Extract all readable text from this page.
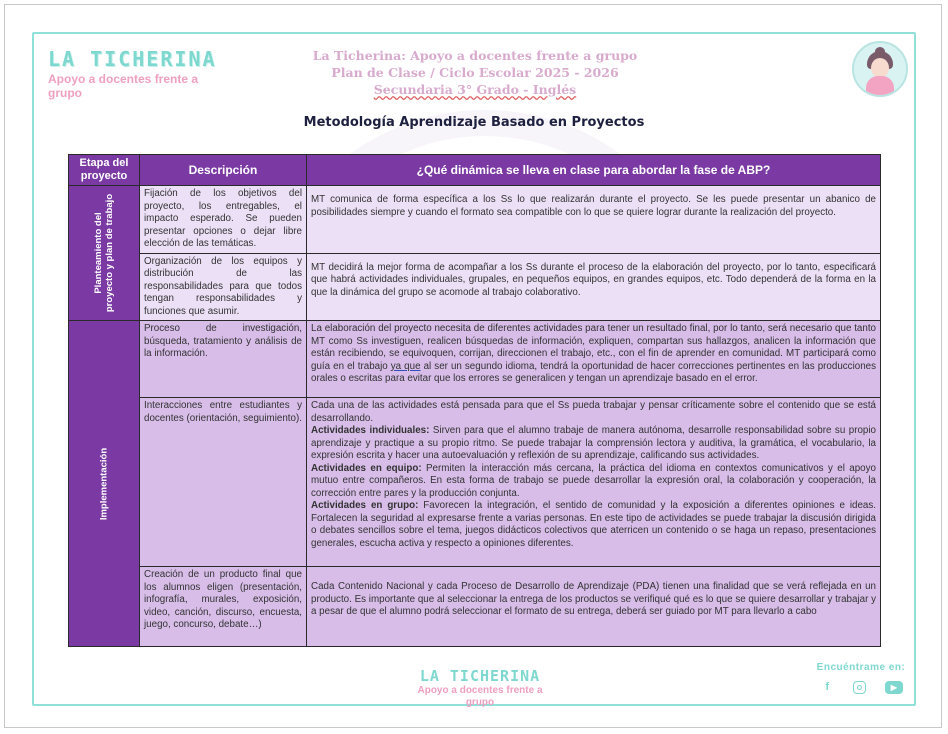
LA TICHERINA
Apoyo a docentes frente a grupo
La Ticherina: Apoyo a docentes frente a grupo
Plan de Clase / Ciclo Escolar 2025 - 2026
Secundaria 3° Grado - Inglés
Metodología Aprendizaje Basado en Proyectos
Etapa del proyecto	Descripción	¿Qué dinámica se lleva en clase para abordar la fase de ABP?

Planteamiento del proyecto y plan de trabajo	Fijación de los objetivos del proyecto, los entregables, el impacto esperado. Se pueden presentar opciones o dejar libre elección de las temáticas.	MT comunica de forma específica a los Ss lo que realizarán durante el proyecto. Se les puede presentar un abanico de posibilidades siempre y cuando el formato sea compatible con lo que se quiere lograr durante la realización del proyecto.
	Organización de los equipos y distribución de las responsabilidades para que todos tengan responsabilidades y funciones que asumir.	MT decidirá la mejor forma de acompañar a los Ss durante el proceso de la elaboración del proyecto, por lo tanto, especificará que habrá actividades individuales, grupales, en pequeños equipos, en grandes equipos, etc. Todo dependerá de la forma en la que la dinámica del grupo se acomode al trabajo colaborativo.

Implementación	Proceso de investigación, búsqueda, tratamiento y análisis de la información.	La elaboración del proyecto necesita de diferentes actividades para tener un resultado final, por lo tanto, será necesario que tanto MT como Ss investiguen, realicen búsquedas de información, expliquen, compartan sus hallazgos, analicen la información que están recibiendo, se equivoquen, corrijan, direccionen el trabajo, etc., con el fin de aprender en comunidad. MT participará como guía en el trabajo ya que al ser un segundo idioma, tendrá la oportunidad de hacer correcciones pertinentes en las producciones orales o escritas para evitar que los errores se generalicen y tengan un aprendizaje basado en el error.
	Interacciones entre estudiantes y docentes (orientación, seguimiento).	Cada una de las actividades está pensada para que el Ss pueda trabajar y pensar críticamente sobre el contenido que se está desarrollando.
Actividades individuales: Sirven para que el alumno trabaje de manera autónoma, desarrolle responsabilidad sobre su propio aprendizaje y practique a su propio ritmo. Se puede trabajar la comprensión lectora y auditiva, la gramática, el vocabulario, la expresión escrita y hacer una autoevaluación y reflexión de su aprendizaje, calificando sus actividades.
Actividades en equipo: Permiten la interacción más cercana, la práctica del idioma en contextos comunicativos y el apoyo mutuo entre compañeros. En esta forma de trabajo se puede desarrollar la expresión oral, la colaboración y cooperación, la corrección entre pares y la producción conjunta.
Actividades en grupo: Favorecen la integración, el sentido de comunidad y la exposición a diferentes opiniones e ideas. Fortalecen la seguridad al expresarse frente a varias personas. En este tipo de actividades se puede trabajar la discusión dirigida o debates sencillos sobre el tema, juegos didácticos colectivos que aterricen un contenido o se haga un repaso, presentaciones generales, escucha activa y respecto a opiniones diferentes.

	Creación de un producto final que los alumnos eligen (presentación, infografía, murales, exposición, video, canción, discurso, encuesta, juego, concurso, debate…)	Cada Contenido Nacional y cada Proceso de Desarrollo de Aprendizaje (PDA) tienen una finalidad que se verá reflejada en un producto. Es importante que al seleccionar la entrega de los productos se verifiqué qué es lo que se quiere desarrollar y trabajar y a pesar de que el alumno podrá seleccionar el formato de su entrega, deberá ser guiado por MT para llevarlo a cabo
LA TICHERINA
Apoyo a docentes frente a grupo
Encuéntrame en:
f	▶
